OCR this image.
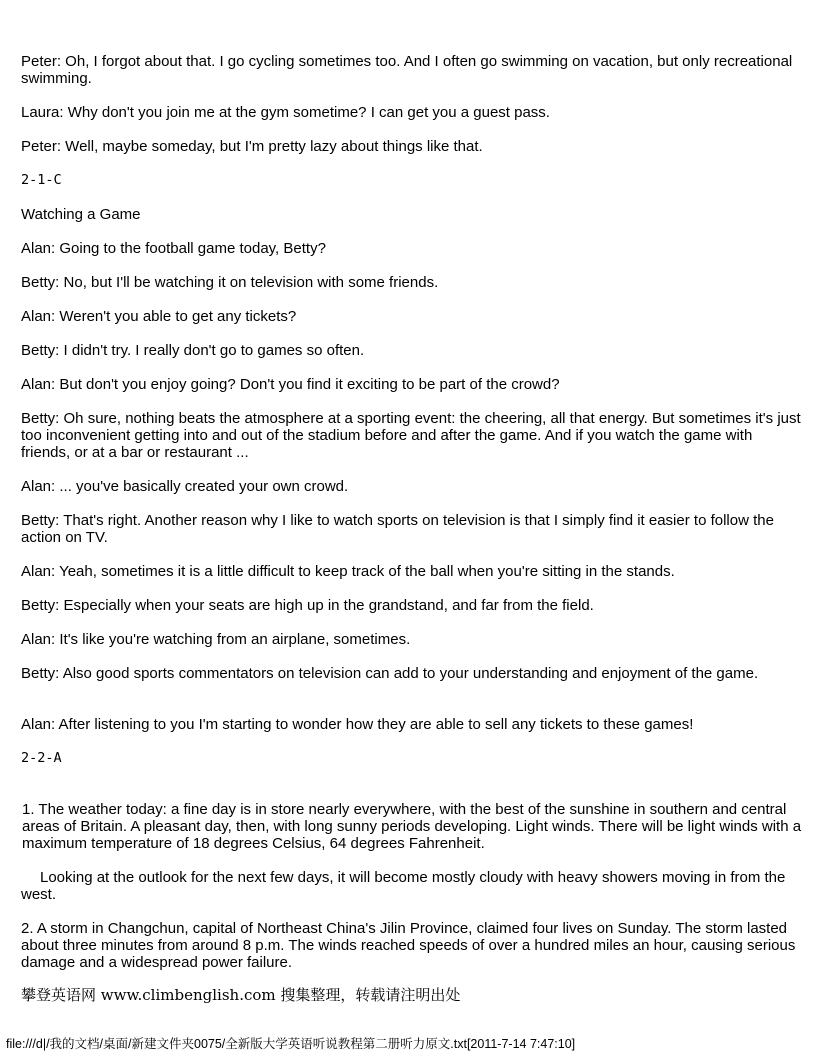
Peter: Oh, I forgot about that. I go cycling sometimes too. And I often go swimming on vacation, but only recreational swimming.

Laura: Why don't you join me at the gym sometime? I can get you a guest pass.

Peter: Well, maybe someday, but I'm pretty lazy about things like that.

2-1-C

Watching a Game

Alan: Going to the football game today, Betty?

Betty: No, but I'll be watching it on television with some friends.

Alan: Weren't you able to get any tickets?

Betty: I didn't try. I really don't go to games so often.

Alan: But don't you enjoy going? Don't you find it exciting to be part of the crowd?

Betty: Oh sure, nothing beats the atmosphere at a sporting event: the cheering, all that energy. But sometimes it's just too inconvenient getting into and out of the stadium before and after the game. And if you watch the game with friends, or at a bar or restaurant ...

Alan: ... you've basically created your own crowd.

Betty: That's right. Another reason why I like to watch sports on television is that I simply find it easier to follow the action on TV.

Alan: Yeah, sometimes it is a little difficult to keep track of the ball when you're sitting in the stands.

Betty: Especially when your seats are high up in the grandstand, and far from the field.

Alan: It's like you're watching from an airplane, sometimes.

Betty: Also good sports commentators on television can add to your understanding and enjoyment of the game.

Alan: After listening to you I'm starting to wonder how they are able to sell any tickets to these games!

2-2-A

1. The weather today: a fine day is in store nearly everywhere, with the best of the sunshine in southern and central areas of Britain. A pleasant day, then, with long sunny periods developing. Light winds. There will be light winds with a maximum temperature of 18 degrees Celsius, 64 degrees Fahrenheit.

Looking at the outlook for the next few days, it will become mostly cloudy with heavy showers moving in from the west.

2. A storm in Changchun, capital of Northeast China's Jilin Province, claimed four lives on Sunday. The storm lasted about three minutes from around 8 p.m. The winds reached speeds of over a hundred miles an hour, causing serious damage and a widespread power failure.

攀登英语网 www.climbenglish.com 搜集整理，转载请注明出处

file:///d|/我的文档/桌面/新建文件夹0075/全新版大学英语听说教程第二册听力原文.txt[2011-7-14 7:47:10]
